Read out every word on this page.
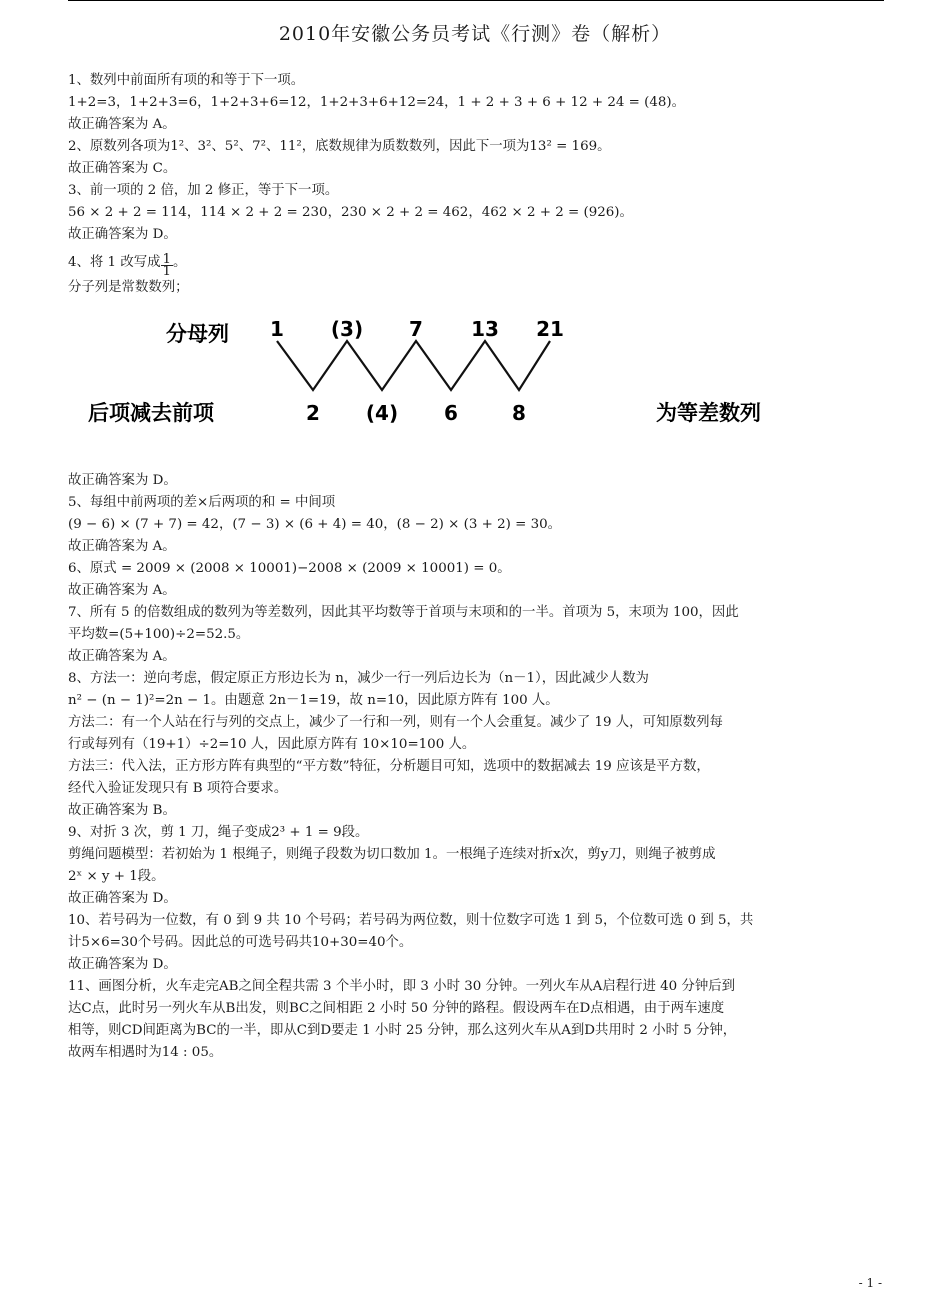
2010年安徽公务员考试《行测》卷（解析）

1、数列中前面所有项的和等于下一项。

1+2=3，1+2+3=6，1+2+3+6=12，1+2+3+6+12=24，1 + 2 + 3 + 6 + 12 + 24 = (48)。

故正确答案为 A。

2、原数列各项为1²、3²、5²、7²、11²，底数规律为质数数列，因此下一项为13² = 169。

故正确答案为 C。

3、前一项的 2 倍，加 2 修正，等于下一项。

56 × 2 + 2 = 114，114 × 2 + 2 = 230，230 × 2 + 2 = 462，462 × 2 + 2 = (926)。

故正确答案为 D。

4、将 1 改写成 $\frac{1}{1}$ 。

分子列是常数数列；

分母列 1 (3) 7 13 21
后项减去前项	2 (4) 6	8	为等差数列

故正确答案为 D。

5、每组中前两项的差×后两项的和 = 中间项

(9 − 6) × (7 + 7) = 42，(7 − 3) × (6 + 4) = 40，(8 − 2) × (3 + 2) = 30。

故正确答案为 A。

6、原式 = 2009 × (2008 × 10001)−2008 × (2009 × 10001) = 0。

故正确答案为 A。

7、所有 5 的倍数组成的数列为等差数列，因此其平均数等于首项与末项和的一半。首项为 5，末项为 100，因此

平均数=(5+100)÷2=52.5。

故正确答案为 A。

8、方法一：逆向考虑，假定原正方形边长为 n，减少一行一列后边长为（n－1），因此减少人数为

n² − (n − 1)²=2n − 1。由题意 2n－1=19，故 n=10，因此原方阵有 100 人。

方法二：有一个人站在行与列的交点上，减少了一行和一列，则有一个人会重复。减少了 19 人，可知原数列每

行或每列有（19+1）÷2=10 人，因此原方阵有 10×10=100 人。

方法三：代入法，正方形方阵有典型的“平方数”特征，分析题目可知，选项中的数据减去 19 应该是平方数，

经代入验证发现只有 B 项符合要求。

故正确答案为 B。

9、对折 3 次，剪 1 刀，绳子变成2³ + 1 = 9段。

剪绳问题模型：若初始为 1 根绳子，则绳子段数为切口数加 1。一根绳子连续对折x次，剪y刀，则绳子被剪成

2ˣ × y + 1段。

故正确答案为 D。

10、若号码为一位数，有 0 到 9 共 10 个号码；若号码为两位数，则十位数字可选 1 到 5，个位数可选 0 到 5，共

计5×6=30个号码。因此总的可选号码共10+30=40个。

故正确答案为 D。

11、画图分析，火车走完AB之间全程共需 3 个半小时，即 3 小时 30 分钟。一列火车从A启程行进 40 分钟后到

达C点，此时另一列火车从B出发，则BC之间相距 2 小时 50 分钟的路程。假设两车在D点相遇，由于两车速度

相等，则CD间距离为BC的一半，即从C到D要走 1 小时 25 分钟，那么这列火车从A到D共用时 2 小时 5 分钟，

故两车相遇时为14 : 05。

- 1 -
